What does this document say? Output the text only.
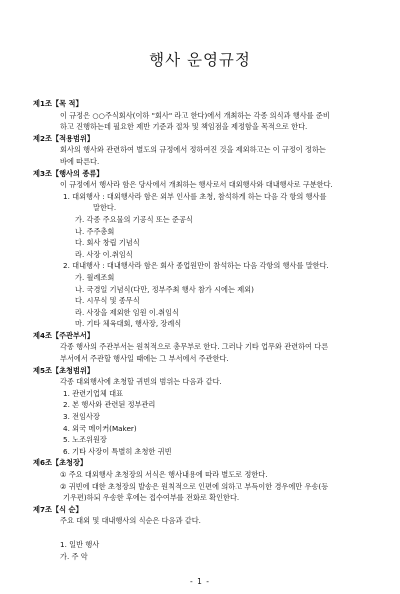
행사 운영규정

제1조【목 적】

이 규정은 ○○주식회사(이하 "회사" 라고 한다)에서 개최하는 각종 의식과 행사를 준비

하고 진행하는데 필요한 제반 기준과 절차 및 책임점을 제정함을 목적으로 한다.

제2조【적용범위】

회사의 행사와 관련하여 별도의 규정에서 정하여진 것을 제외하고는 이 규정이 정하는

바에 따른다.

제3조【행사의 종류】

이 규정에서 행사라 함은 당사에서 개최하는 행사로서 대외행사와 대내행사로 구분한다.

1. 대외행사 : 대외행사라 함은 외부 인사를 초청, 참석하게 하는 다음 각 항의 행사를

말한다.

가. 각종 주요물의 기공식 또는 준공식

나. 주주총회

다. 회사 창립 기념식

라. 사장 이.취임식

2. 대내행사 : 대내행사라 함은 회사 종업원만이 참석하는 다음 각항의 행사를 말한다.

가. 월례조회

나. 국경일 기념식(다만, 정부주최 행사 참가 시에는 제외)

다. 시무식 및 종무식

라. 사장을 제외한 임원 이.취임식

마. 기타 체육대회, 행사장, 장례식

제4조【주관부서】

각종 행사의 주관부서는 원칙적으로 총무부로 한다. 그러나 기타 업무와 관련하여 다른

부서에서 주관할 행사일 때에는 그 부서에서 주관한다.

제5조【초청범위】

각종 대외행사에 초청할 귀빈의 범위는 다음과 같다.

1. 관련기업체 대표

2. 본 행사와 관련된 정부관리

3. 전임사장

4. 외국 메이커(Maker)

5. 노조위원장

6. 기타 사장이 특별히 초청한 귀빈

제6조【초청장】

① 주요 대외행사 초청장의 서식은 행사내용에 따라 별도로 정한다.

② 귀빈에 대한 초청장의 발송은 원칙적으로 인편에 의하고 부득이한 경우에만 우송(등

기우편)하되 우송한 후에는 접수여부를 전화로 확인한다.

제7조【식 순】

주요 대외 및 대내행사의 식순은 다음과 같다.

1. 일반 행사

가. 주 악

- 1 -
